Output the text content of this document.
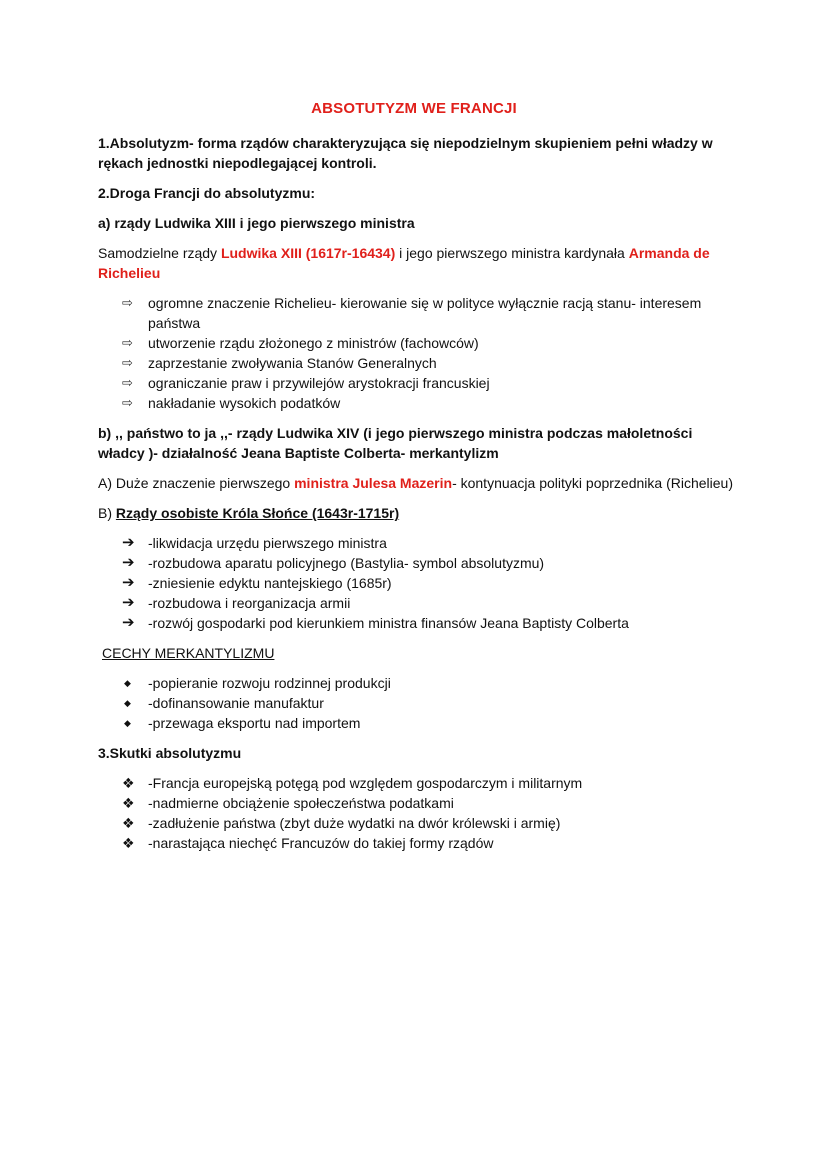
ABSOTUTYZM WE FRANCJI

1.Absolutyzm- forma rządów charakteryzująca się niepodzielnym skupieniem pełni władzy w rękach jednostki niepodlegającej kontroli.

2.Droga Francji do absolutyzmu:

a) rządy Ludwika XIII i jego pierwszego ministra

Samodzielne rządy Ludwika XIII (1617r-16434) i jego pierwszego ministra kardynała Armanda de Richelieu

⇨	ogromne znaczenie Richelieu- kierowanie się w polityce wyłącznie racją stanu- interesem państwa
⇨	utworzenie rządu złożonego z ministrów (fachowców)
⇨	zaprzestanie zwoływania Stanów Generalnych
⇨	ograniczanie praw i przywilejów arystokracji francuskiej
⇨	nakładanie wysokich podatków

b) ,, państwo to ja ,,- rządy Ludwika XIV (i jego pierwszego ministra podczas małoletności władcy )- działalność Jeana Baptiste Colberta- merkantylizm

A) Duże znaczenie pierwszego ministra Julesa Mazerin- kontynuacja polityki poprzednika (Richelieu)

B) Rządy osobiste Króla Słońce (1643r-1715r)

➔ -likwidacja urzędu pierwszego ministra
➔ -rozbudowa aparatu policyjnego (Bastylia- symbol absolutyzmu)
➔ -zniesienie edyktu nantejskiego (1685r)
➔ -rozbudowa i reorganizacja armii
➔ -rozwój gospodarki pod kierunkiem ministra finansów Jeana Baptisty Colberta

CECHY MERKANTYLIZMU

◆	-popieranie rozwoju rodzinnej produkcji
◆	-dofinansowanie manufaktur
◆	-przewaga eksportu nad importem

3.Skutki absolutyzmu

❖ -Francja europejską potęgą pod względem gospodarczym i militarnym
❖ -nadmierne obciążenie społeczeństwa podatkami
❖ -zadłużenie państwa (zbyt duże wydatki na dwór królewski i armię)
❖ -narastająca niechęć Francuzów do takiej formy rządów
